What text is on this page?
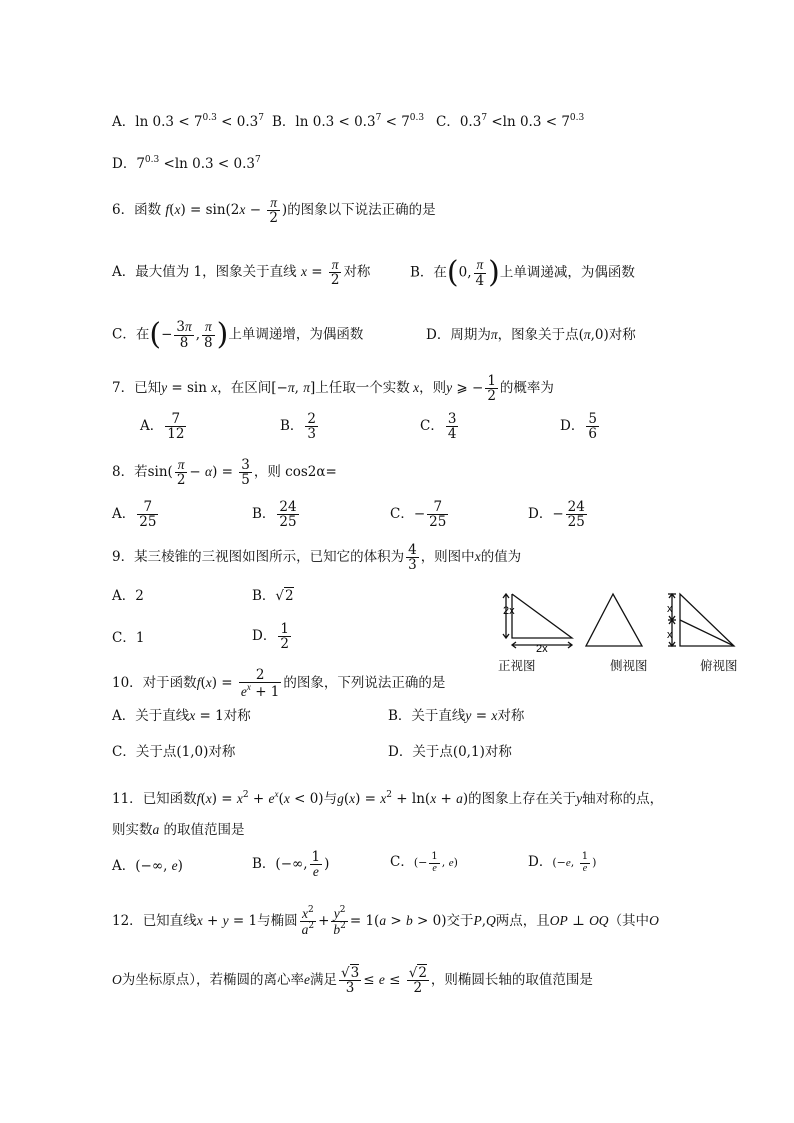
A．$\ln 0.3 < 7^{0.3} < 0.3^7$ B．$\ln 0.3 < 0.3^7 < 7^{0.3}$ C．$0.3^7 <\ln$ $0.3 < 7^{0.3}$
D．$7^{0.3} <\ln$ $0.3 < 0.3^7$
6．函数 $f(x) = \sin(2x - \frac{\pi}{2}$ )的图象以下说法正确的是
A．最大值为 1，图象关于直线 $x = \frac{\pi}{2}$ 对称	B．在(0, $\frac{\pi}{4}$ )上单调递减，为偶函数
C．在(− $\frac{3\pi}{8}$ , $\frac{\pi}{8}$ )上单调递增，为偶函数	D．周期为π，图象关于点(π,0)对称
7．已知y = sin x，在区间[−π, π]上任取一个实数 x，则y ⩾ − $\frac{1}{2}$ 的概率为
A． $\frac{7}{12}$	B． $\frac{2}{3}$	C． $\frac{3}{4}$	D． $\frac{5}{6}$
8．若$\sin( \frac{\pi}{2} - \alpha) = \frac{3}{5}$ ，则 cos2α=
A． $\frac{7}{25}$	B． $\frac{24}{25}$	C．− $\frac{7}{25}$	D．− $\frac{24}{25}$
9．某三棱锥的三视图如图所示，已知它的体积为 $\frac{4}{3}$ ，则图中x的值为
A．2	B．√2
C．1	D． $\frac{1}{2}$
2x
2x
x
x
正视图	侧视图	俯视图
10．对于函数$f(x) = \frac{2}{e^x + 1}$ 的图象，下列说法正确的是
A．关于直线x = 1对称	B．关于直线y = x对称
C．关于点(1,0)对称	D．关于点(0,1)对称
11．已知函数$f(x) = x^2 + e^x(x < 0)$与$g(x) = x^2 + \ln(x + a)$的图象上存在关于y轴对称的点，
则实数a 的取值范围是
A．(−∞, e)	B．(−∞, $\frac{1}{e}$ )	C．(− $\frac{1}{e}$ , e)	D．(−e, $\frac{1}{e}$ )
12．已知直线x + y = 1与椭圆 $\frac{x^2}{a^2} + \frac{y^2}{b^2} = 1(a > b > 0)$交于P,Q两点，且OP ⊥ OQ（其中O
O为坐标原点），若椭圆的离心率e满足 $\frac{√3}{3} \le e \le \frac{√2}{2}$ ，则椭圆长轴的取值范围是
